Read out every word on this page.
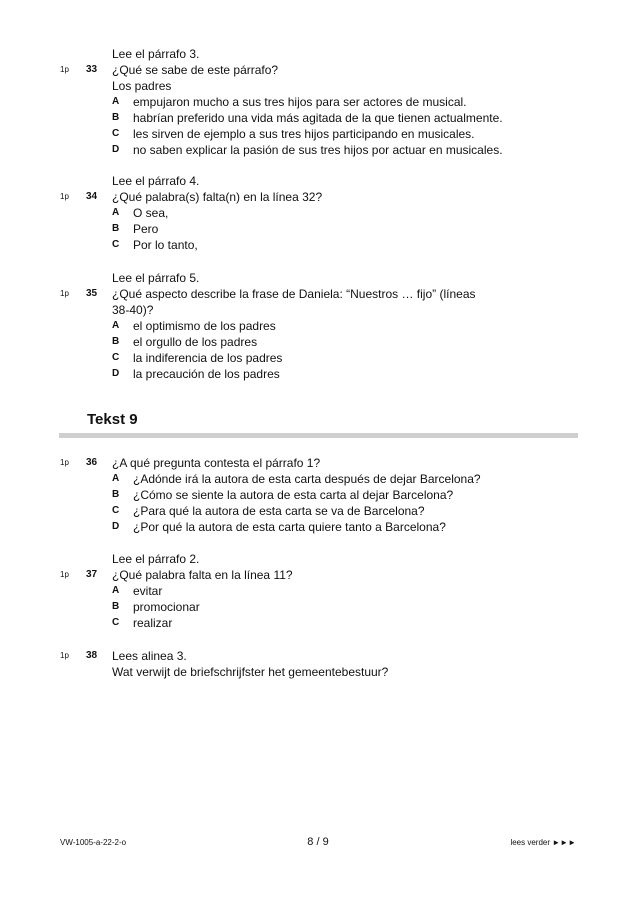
Lee el párrafo 3.
1p 33 ¿Qué se sabe de este párrafo?
Los padres
A empujaron mucho a sus tres hijos para ser actores de musical.
B habrían preferido una vida más agitada de la que tienen actualmente.
C les sirven de ejemplo a sus tres hijos participando en musicales.
D no saben explicar la pasión de sus tres hijos por actuar en musicales.
Lee el párrafo 4.
1p 34 ¿Qué palabra(s) falta(n) en la línea 32?
A O sea,
B Pero
C Por lo tanto,
Lee el párrafo 5.
1p 35 ¿Qué aspecto describe la frase de Daniela: “Nuestros … fijo” (líneas
38-40)?
A el optimismo de los padres
B el orgullo de los padres
C la indiferencia de los padres
D la precaución de los padres
Tekst 9
1p 36 ¿A qué pregunta contesta el párrafo 1?
A ¿Adónde irá la autora de esta carta después de dejar Barcelona?
B ¿Cómo se siente la autora de esta carta al dejar Barcelona?
C ¿Para qué la autora de esta carta se va de Barcelona?
D ¿Por qué la autora de esta carta quiere tanto a Barcelona?
Lee el párrafo 2.
1p 37 ¿Qué palabra falta en la línea 11?
A evitar
B promocionar
C realizar
1p 38 Lees alinea 3.
Wat verwijt de briefschrijfster het gemeentebestuur?
VW-1005-a-22-2-o	8 / 9	lees verder ►►►
